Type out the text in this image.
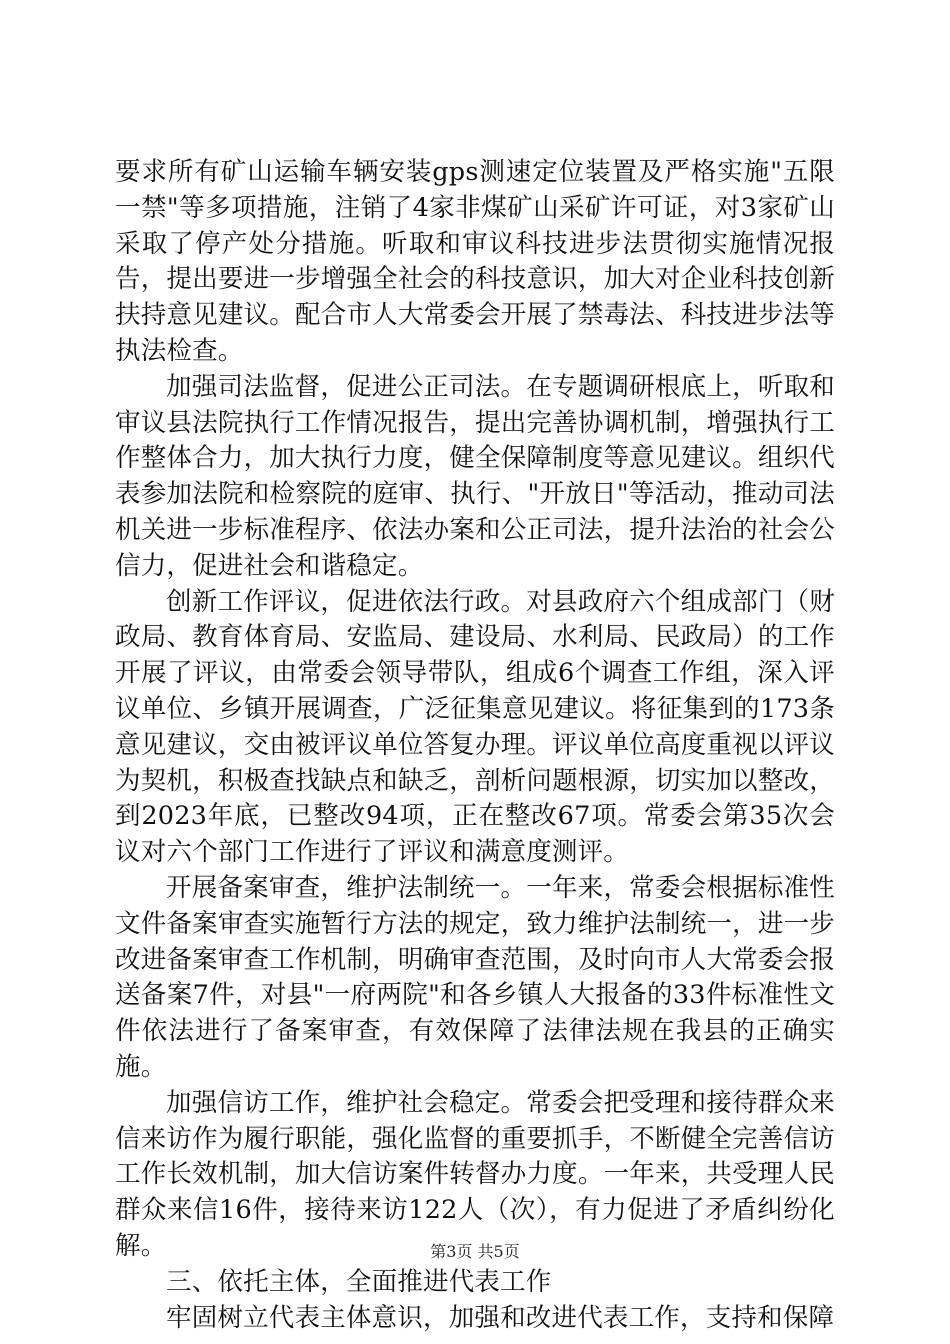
要求所有矿山运输车辆安装gps测速定位装置及严格实施"五限一禁"等多项措施，注销了4家非煤矿山采矿许可证，对3家矿山采取了停产处分措施。听取和审议科技进步法贯彻实施情况报告，提出要进一步增强全社会的科技意识，加大对企业科技创新扶持意见建议。配合市人大常委会开展了禁毒法、科技进步法等执法检查。

加强司法监督，促进公正司法。在专题调研根底上，听取和审议县法院执行工作情况报告，提出完善协调机制，增强执行工作整体合力，加大执行力度，健全保障制度等意见建议。组织代表参加法院和检察院的庭审、执行、"开放日"等活动，推动司法机关进一步标准程序、依法办案和公正司法，提升法治的社会公信力，促进社会和谐稳定。

创新工作评议，促进依法行政。对县政府六个组成部门（财政局、教育体育局、安监局、建设局、水利局、民政局）的工作开展了评议，由常委会领导带队，组成6个调查工作组，深入评议单位、乡镇开展调查，广泛征集意见建议。将征集到的173条意见建议，交由被评议单位答复办理。评议单位高度重视以评议为契机，积极查找缺点和缺乏，剖析问题根源，切实加以整改，到2023年底，已整改94项，正在整改67项。常委会第35次会议对六个部门工作进行了评议和满意度测评。

开展备案审查，维护法制统一。一年来，常委会根据标准性文件备案审查实施暂行方法的规定，致力维护法制统一，进一步改进备案审查工作机制，明确审查范围，及时向市人大常委会报送备案7件，对县"一府两院"和各乡镇人大报备的33件标准性文件依法进行了备案审查，有效保障了法律法规在我县的正确实施。

加强信访工作，维护社会稳定。常委会把受理和接待群众来信来访作为履行职能，强化监督的重要抓手，不断健全完善信访工作长效机制，加大信访案件转督办力度。一年来，共受理人民群众来信16件，接待来访122人（次），有力促进了矛盾纠纷化解。

三、依托主体，全面推进代表工作

牢固树立代表主体意识，加强和改进代表工作，支持和保障

第3页 共5页
